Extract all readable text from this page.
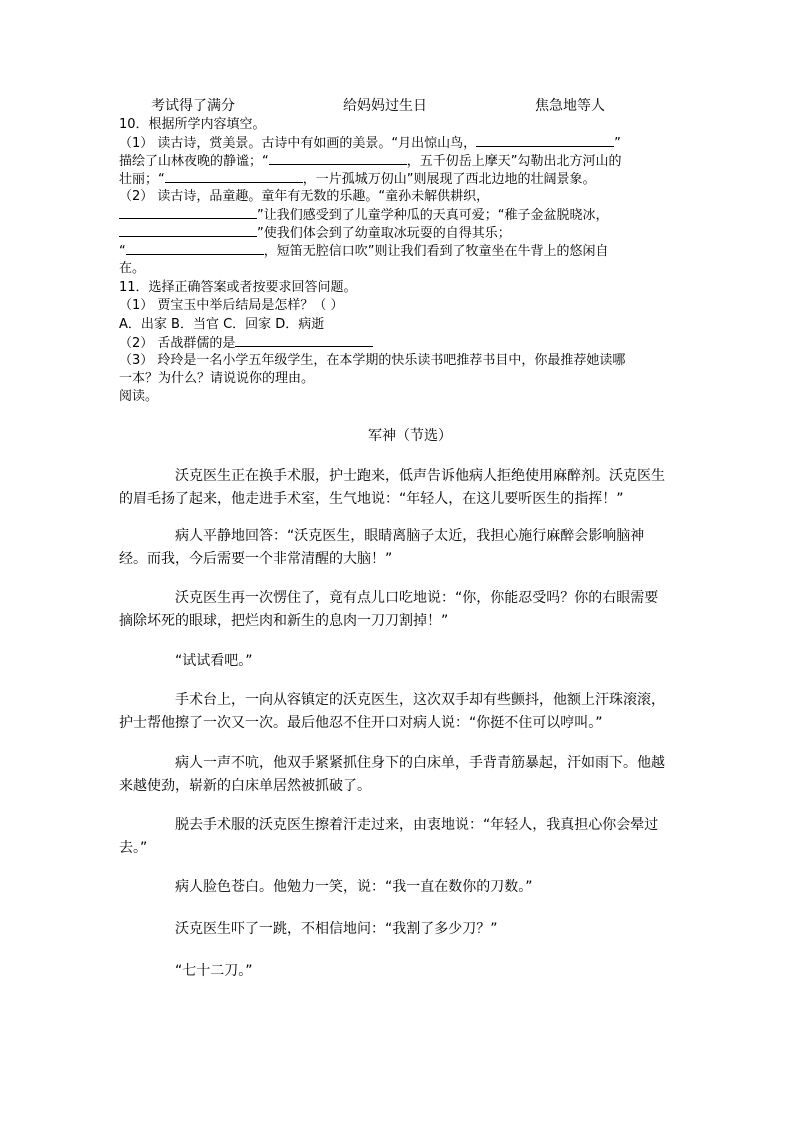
考试得了满分	给妈妈过生日	焦急地等人
10．根据所学内容填空。
（1） 读古诗，赏美景。古诗中有如画的美景。“月出惊山鸟，	”
描绘了山林夜晚的静谧；“	，五千仞岳上摩天”勾勒出北方河山的
壮丽；“	，一片孤城万仞山”则展现了西北边地的壮阔景象。
（2） 读古诗，品童趣。童年有无数的乐趣。“童孙未解供耕织，
”让我们感受到了儿童学种瓜的天真可爱；“稚子金盆脱晓冰，
”使我们体会到了幼童取冰玩耍的自得其乐；
“	，短笛无腔信口吹”则让我们看到了牧童坐在牛背上的悠闲自
在。
11．选择正确答案或者按要求回答问题。
（1） 贾宝玉中举后结局是怎样？（ ）
A．出家 B．当官 C．回家 D．病逝
（2） 舌战群儒的是
（3） 玲玲是一名小学五年级学生，在本学期的快乐读书吧推荐书目中，你最推荐她读哪
一本？为什么？请说说你的理由。
阅读。
军神（节选）
沃克医生正在换手术服，护士跑来，低声告诉他病人拒绝使用麻醉剂。沃克医生
的眉毛扬了起来，他走进手术室，生气地说：“年轻人，在这儿要听医生的指挥！”
病人平静地回答：“沃克医生，眼睛离脑子太近，我担心施行麻醉会影响脑神
经。而我，今后需要一个非常清醒的大脑！”
沃克医生再一次愣住了，竟有点儿口吃地说：“你，你能忍受吗？你的右眼需要
摘除坏死的眼球，把烂肉和新生的息肉一刀刀割掉！”
“试试看吧。”
手术台上，一向从容镇定的沃克医生，这次双手却有些颤抖，他额上汗珠滚滚，
护士帮他擦了一次又一次。最后他忍不住开口对病人说：“你挺不住可以哼叫。”
病人一声不吭，他双手紧紧抓住身下的白床单，手背青筋暴起，汗如雨下。他越
来越使劲，崭新的白床单居然被抓破了。
脱去手术服的沃克医生擦着汗走过来，由衷地说：“年轻人，我真担心你会晕过
去。”
病人脸色苍白。他勉力一笑，说：“我一直在数你的刀数。”
沃克医生吓了一跳，不相信地问：“我割了多少刀？”
“七十二刀。”
